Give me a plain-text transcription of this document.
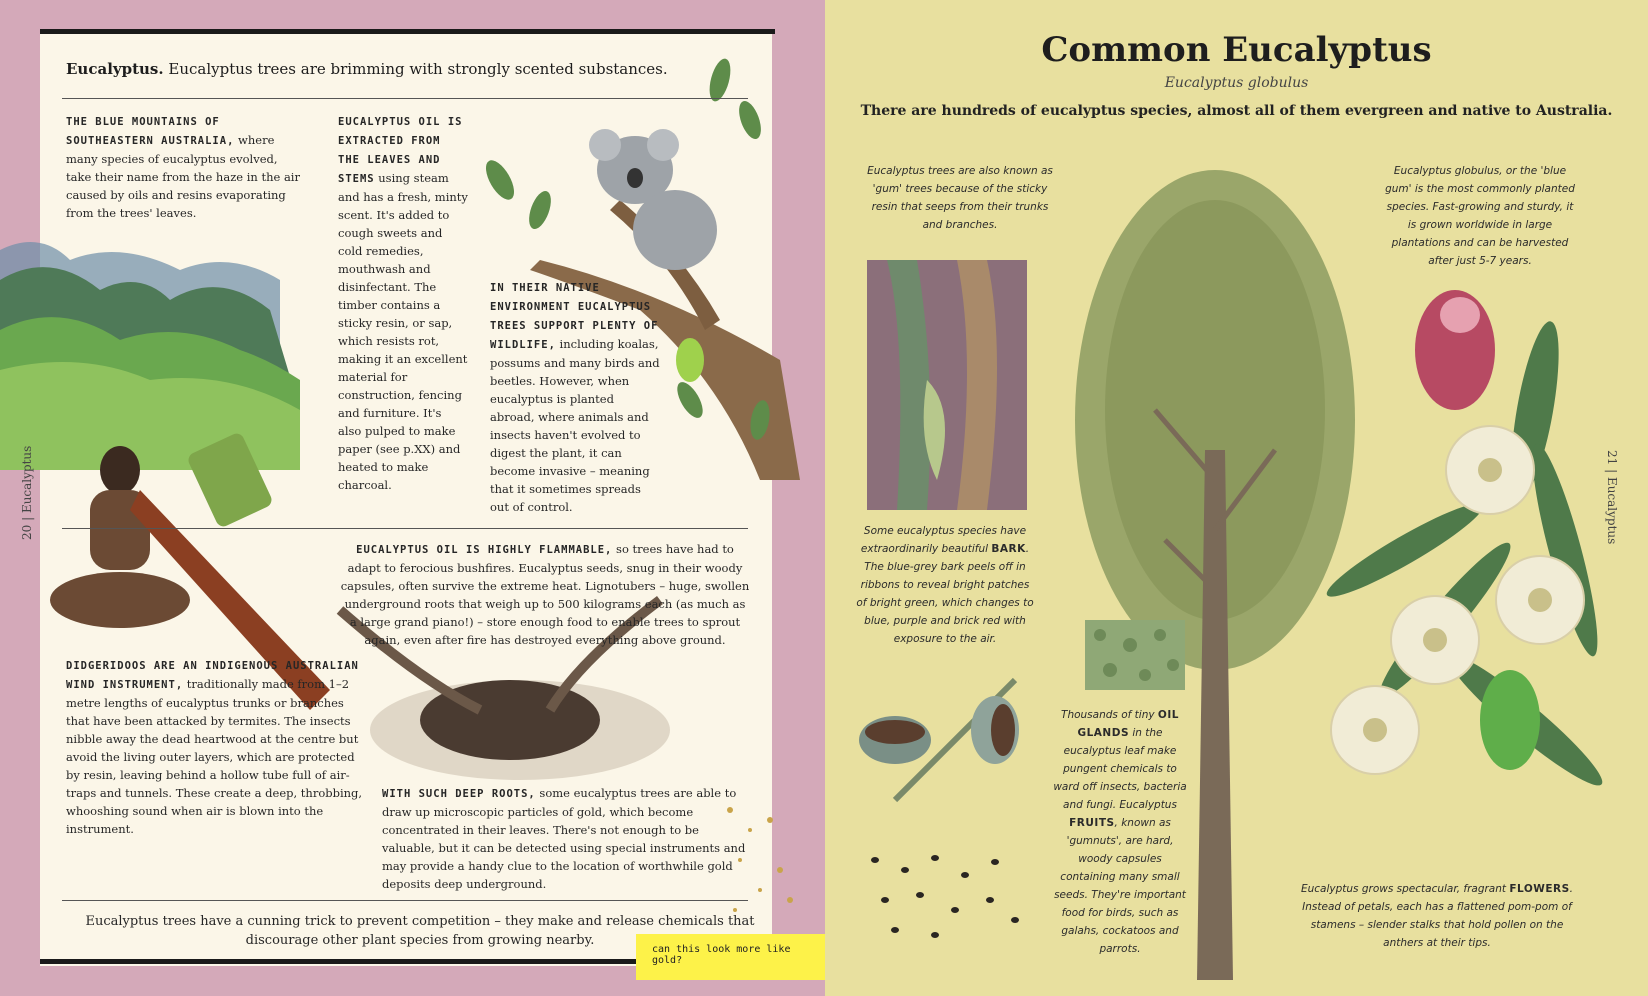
Eucalyptus. Eucalyptus trees are brimming with strongly scented substances.
THE BLUE MOUNTAINS OF SOUTHEASTERN AUSTRALIA, where many species of eucalyptus evolved, take their name from the haze in the air caused by oils and resins evaporating from the trees' leaves.
EUCALYPTUS OIL IS EXTRACTED FROM THE LEAVES AND STEMS using steam and has a fresh, minty scent. It's added to cough sweets and cold remedies, mouthwash and disinfectant. The timber contains a sticky resin, or sap, which resists rot, making it an excellent material for construction, fencing and furniture. It's also pulped to make paper (see p.XX) and heated to make charcoal.
IN THEIR NATIVE ENVIRONMENT EUCALYPTUS TREES SUPPORT PLENTY OF WILDLIFE, including koalas, possums and many birds and beetles. However, when eucalyptus is planted abroad, where animals and insects haven't evolved to digest the plant, it can become invasive – meaning that it sometimes spreads out of control.
EUCALYPTUS OIL IS HIGHLY FLAMMABLE, so trees have had to adapt to ferocious bushfires. Eucalyptus seeds, snug in their woody capsules, often survive the extreme heat. Lignotubers – huge, swollen underground roots that weigh up to 500 kilograms each (as much as a large grand piano!) – store enough food to enable trees to sprout again, even after fire has destroyed everything above ground.
DIDGERIDOOS ARE AN INDIGENOUS AUSTRALIAN WIND INSTRUMENT, traditionally made from 1–2 metre lengths of eucalyptus trunks or branches that have been attacked by termites. The insects nibble away the dead heartwood at the centre but avoid the living outer layers, which are protected by resin, leaving behind a hollow tube full of air-traps and tunnels. These create a deep, throbbing, whooshing sound when air is blown into the instrument.
WITH SUCH DEEP ROOTS, some eucalyptus trees are able to draw up microscopic particles of gold, which become concentrated in their leaves. There's not enough to be valuable, but it can be detected using special instruments and may provide a handy clue to the location of worthwhile gold deposits deep underground.
Eucalyptus trees have a cunning trick to prevent competition – they make and release chemicals that discourage other plant species from growing nearby.
20 | Eucalyptus
can this look more like gold?
Common Eucalyptus
Eucalyptus globulus
There are hundreds of eucalyptus species, almost all of them evergreen and native to Australia.
Eucalyptus trees are also known as 'gum' trees because of the sticky resin that seeps from their trunks and branches.
Some eucalyptus species have extraordinarily beautiful BARK. The blue-grey bark peels off in ribbons to reveal bright patches of bright green, which changes to blue, purple and brick red with exposure to the air.
Thousands of tiny OIL GLANDS in the eucalyptus leaf make pungent chemicals to ward off insects, bacteria and fungi. Eucalyptus FRUITS, known as 'gumnuts', are hard, woody capsules containing many small seeds. They're important food for birds, such as galahs, cockatoos and parrots.
Eucalyptus globulus, or the 'blue gum' is the most commonly planted species. Fast-growing and sturdy, it is grown worldwide in large plantations and can be harvested after just 5-7 years.
Eucalyptus grows spectacular, fragrant FLOWERS. Instead of petals, each has a flattened pom-pom of stamens – slender stalks that hold pollen on the anthers at their tips.
21 | Eucalyptus
